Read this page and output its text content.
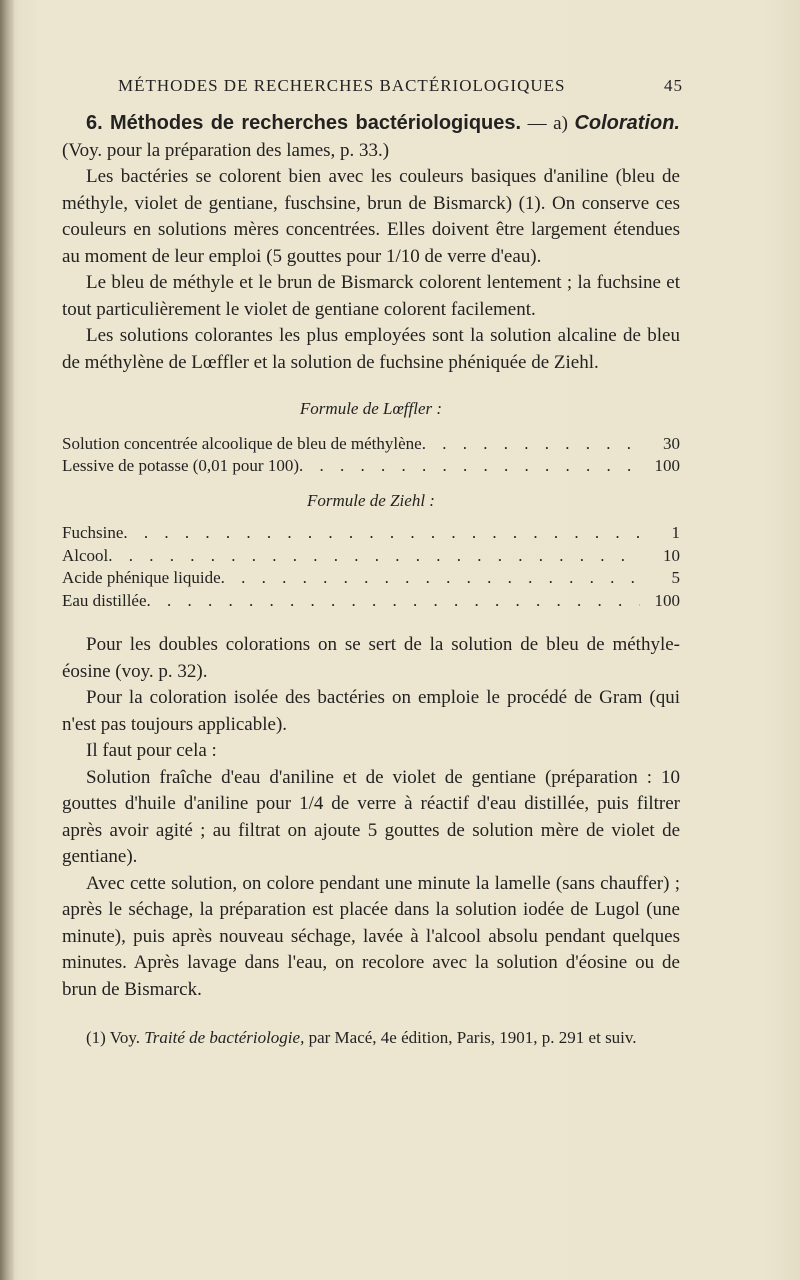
MÉTHODES DE RECHERCHES BACTÉRIOLOGIQUES	45

6. Méthodes de recherches bactériologiques. — a) Coloration. (Voy. pour la préparation des lames, p. 33.)

Les bactéries se colorent bien avec les couleurs basiques d'aniline (bleu de méthyle, violet de gentiane, fuschsine, brun de Bismarck) (1). On conserve ces couleurs en solutions mères concentrées. Elles doivent être largement étendues au moment de leur emploi (5 gouttes pour 1/10 de verre d'eau).

Le bleu de méthyle et le brun de Bismarck colorent lentement ; la fuchsine et tout particulièrement le violet de gentiane colorent facilement.

Les solutions colorantes les plus employées sont la solution alcaline de bleu de méthylène de Lœffler et la solution de fuchsine phéniquée de Ziehl.

Formule de Lœffler :
Solution concentrée alcoolique de bleu de méthylène . . .	30
Lessive de potasse (0,01 pour 100) . . .	100
Formule de Ziehl :
Fuchsine . . .	1
Alcool . . .	10
Acide phénique liquide . . .	5
Eau distillée . . .	100

Pour les doubles colorations on se sert de la solution de bleu de méthyle-éosine (voy. p. 32).

Pour la coloration isolée des bactéries on emploie le procédé de Gram (qui n'est pas toujours applicable).

Il faut pour cela :

Solution fraîche d'eau d'aniline et de violet de gentiane (préparation : 10 gouttes d'huile d'aniline pour 1/4 de verre à réactif d'eau distillée, puis filtrer après avoir agité ; au filtrat on ajoute 5 gouttes de solution mère de violet de gentiane).

Avec cette solution, on colore pendant une minute la lamelle (sans chauffer) ; après le séchage, la préparation est placée dans la solution iodée de Lugol (une minute), puis après nouveau séchage, lavée à l'alcool absolu pendant quelques minutes. Après lavage dans l'eau, on recolore avec la solution d'éosine ou de brun de Bismarck.

(1) Voy. Traité de bactériologie, par Macé, 4e édition, Paris, 1901, p. 291 et suiv.
